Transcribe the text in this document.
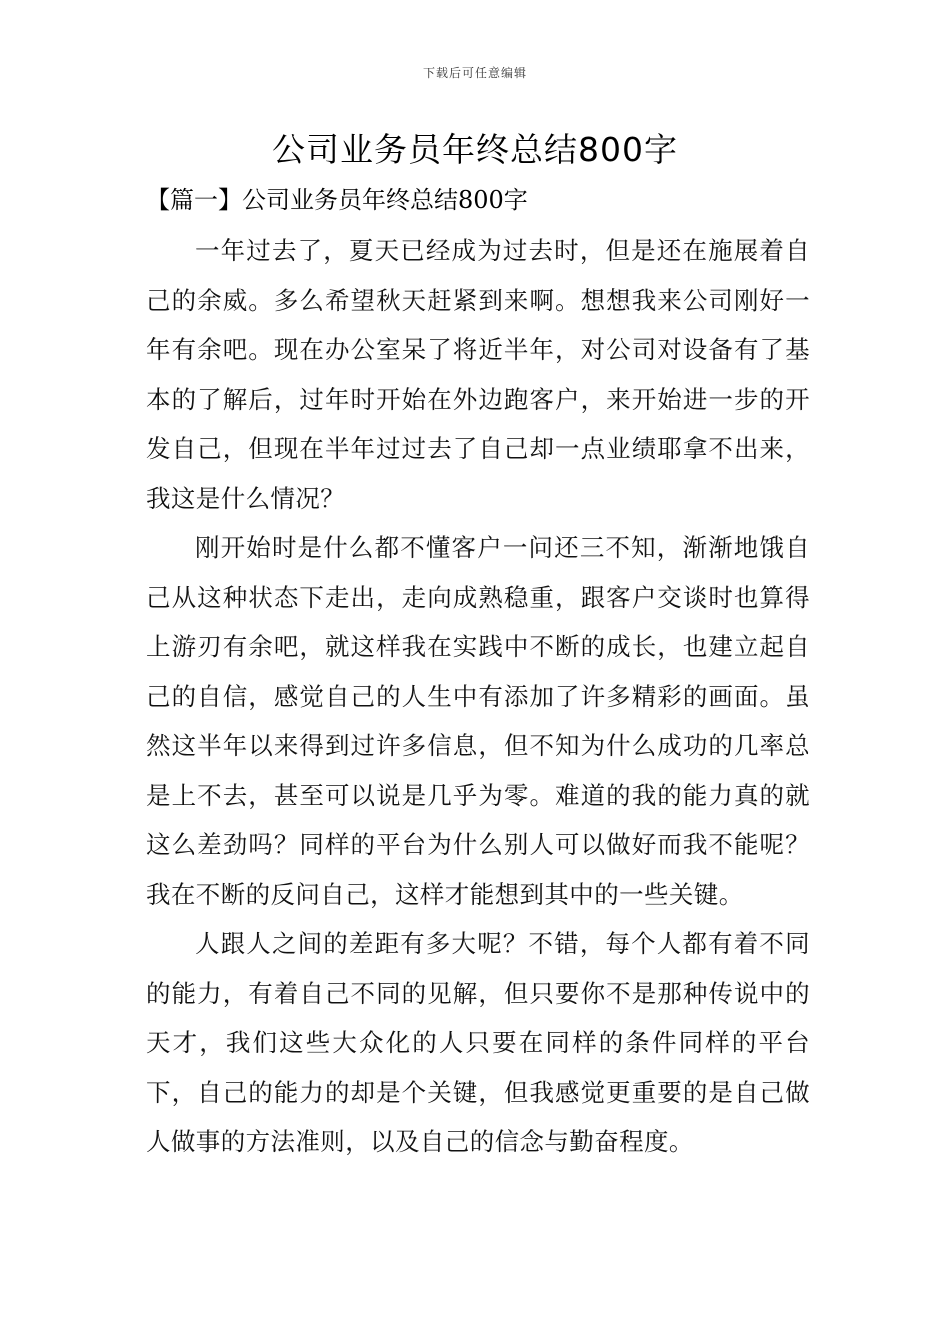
下载后可任意编辑
公司业务员年终总结800字
【篇一】公司业务员年终总结800字

一年过去了，夏天已经成为过去时，但是还在施展着自己的余威。多么希望秋天赶紧到来啊。想想我来公司刚好一年有余吧。现在办公室呆了将近半年，对公司对设备有了基本的了解后，过年时开始在外边跑客户，来开始进一步的开发自己，但现在半年过过去了自己却一点业绩耶拿不出来，我这是什么情况？

刚开始时是什么都不懂客户一问还三不知，渐渐地饿自己从这种状态下走出，走向成熟稳重，跟客户交谈时也算得上游刃有余吧，就这样我在实践中不断的成长，也建立起自己的自信，感觉自己的人生中有添加了许多精彩的画面。虽然这半年以来得到过许多信息，但不知为什么成功的几率总是上不去，甚至可以说是几乎为零。难道的我的能力真的就这么差劲吗？同样的平台为什么别人可以做好而我不能呢？我在不断的反问自己，这样才能想到其中的一些关键。

人跟人之间的差距有多大呢？不错，每个人都有着不同的能力，有着自己不同的见解，但只要你不是那种传说中的天才，我们这些大众化的人只要在同样的条件同样的平台下，自己的能力的却是个关键，但我感觉更重要的是自己做人做事的方法准则，以及自己的信念与勤奋程度。
